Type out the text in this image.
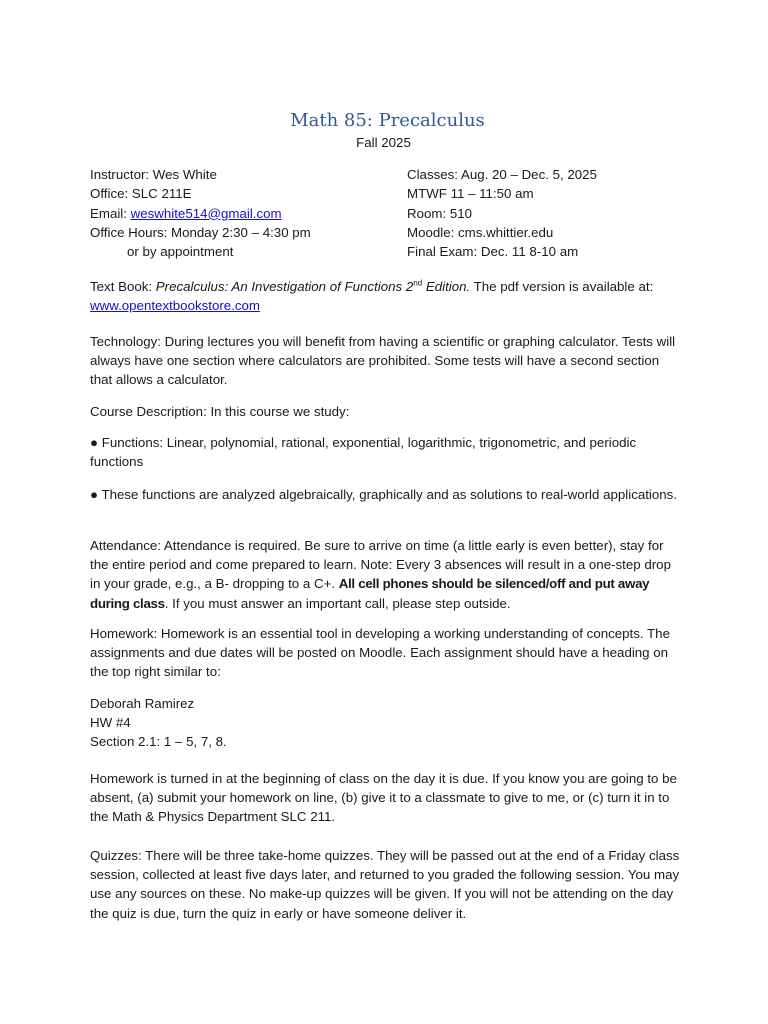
Math 85: Precalculus
Fall 2025
Instructor: Wes White
Office: SLC 211E
Email: weswhite514@gmail.com
Office Hours: Monday 2:30 – 4:30 pm
or by appointment
Classes: Aug. 20 – Dec. 5, 2025
MTWF 11 – 11:50 am
Room: 510
Moodle: cms.whittier.edu
Final Exam: Dec. 11 8-10 am
Text Book: Precalculus: An Investigation of Functions 2nd Edition. The pdf version is available at:
www.opentextbookstore.com
Technology: During lectures you will benefit from having a scientific or graphing calculator. Tests will always have one section where calculators are prohibited. Some tests will have a second section that allows a calculator.
Course Description: In this course we study:
● Functions: Linear, polynomial, rational, exponential, logarithmic, trigonometric, and periodic functions
● These functions are analyzed algebraically, graphically and as solutions to real-world applications.
Attendance: Attendance is required. Be sure to arrive on time (a little early is even better), stay for the entire period and come prepared to learn. Note: Every 3 absences will result in a one-step drop in your grade, e.g., a B- dropping to a C+. All cell phones should be silenced/off and put away during class. If you must answer an important call, please step outside.
Homework: Homework is an essential tool in developing a working understanding of concepts. The assignments and due dates will be posted on Moodle. Each assignment should have a heading on the top right similar to:
Deborah Ramirez
HW #4
Section 2.1: 1 – 5, 7, 8.
Homework is turned in at the beginning of class on the day it is due. If you know you are going to be absent, (a) submit your homework on line, (b) give it to a classmate to give to me, or (c) turn it in to the Math & Physics Department SLC 211.
Quizzes: There will be three take-home quizzes. They will be passed out at the end of a Friday class session, collected at least five days later, and returned to you graded the following session. You may use any sources on these. No make-up quizzes will be given. If you will not be attending on the day the quiz is due, turn the quiz in early or have someone deliver it.
